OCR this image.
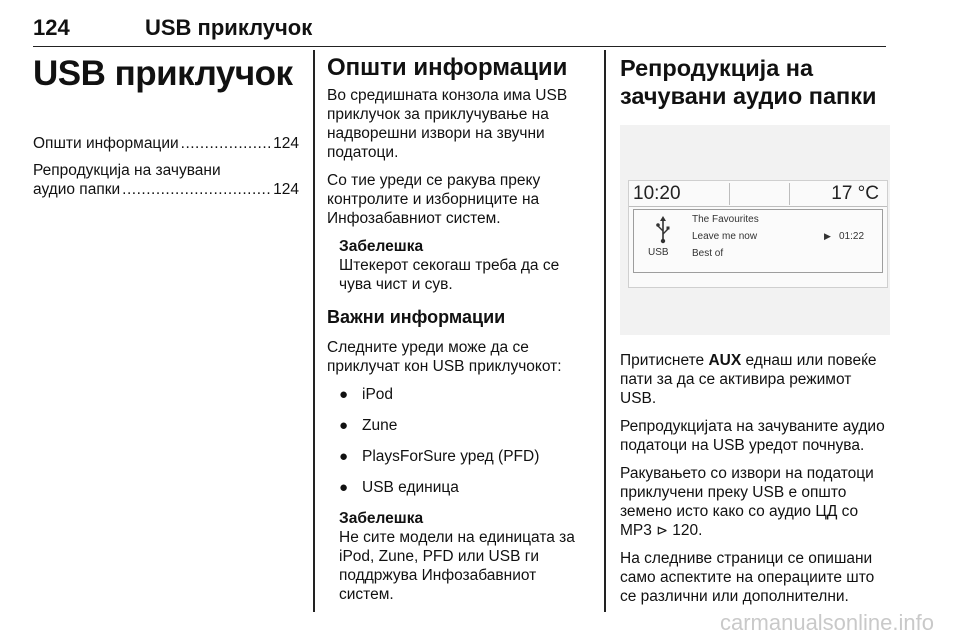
124	USB приклучок
USB приклучок
Општи информации .....	124
Репродукција на зачувани
аудио папки .....	124
Општи информации

Во средишната конзола има USB приклучок за приклучување на надворешни извори на звучни податоци.

Со тие уреди се ракува преку контролите и изборниците на Инфозабавниот систем.

Забелешка
Штекерот секогаш треба да се чува чист и сув.
Важни информации

Следните уреди може да се приклучат кон USB приклучокот:

● iPod
● Zune
● PlaysForSure уред (PFD)
● USB единица
Забелешка
Не сите модели на единицата за iPod, Zune, PFD или USB ги поддржува Инфозабавниот систем.
Репродукција на зачувани аудио папки
10:20	17 °C
USB
The Favourites
Leave me now
Best of
▶ 01:22

Притиснете AUX еднаш или повеќе пати за да се активира режимот USB.

Репродукцијата на зачуваните аудио податоци на USB уредот почнува.

Ракувањето со извори на податоци приклучени преку USB е општо земено исто како со аудио ЦД со MP3 ⊳ 120.

На следниве страници се опишани само аспектите на операциите што се различни или дополнителни.

carmanualsonline.info
